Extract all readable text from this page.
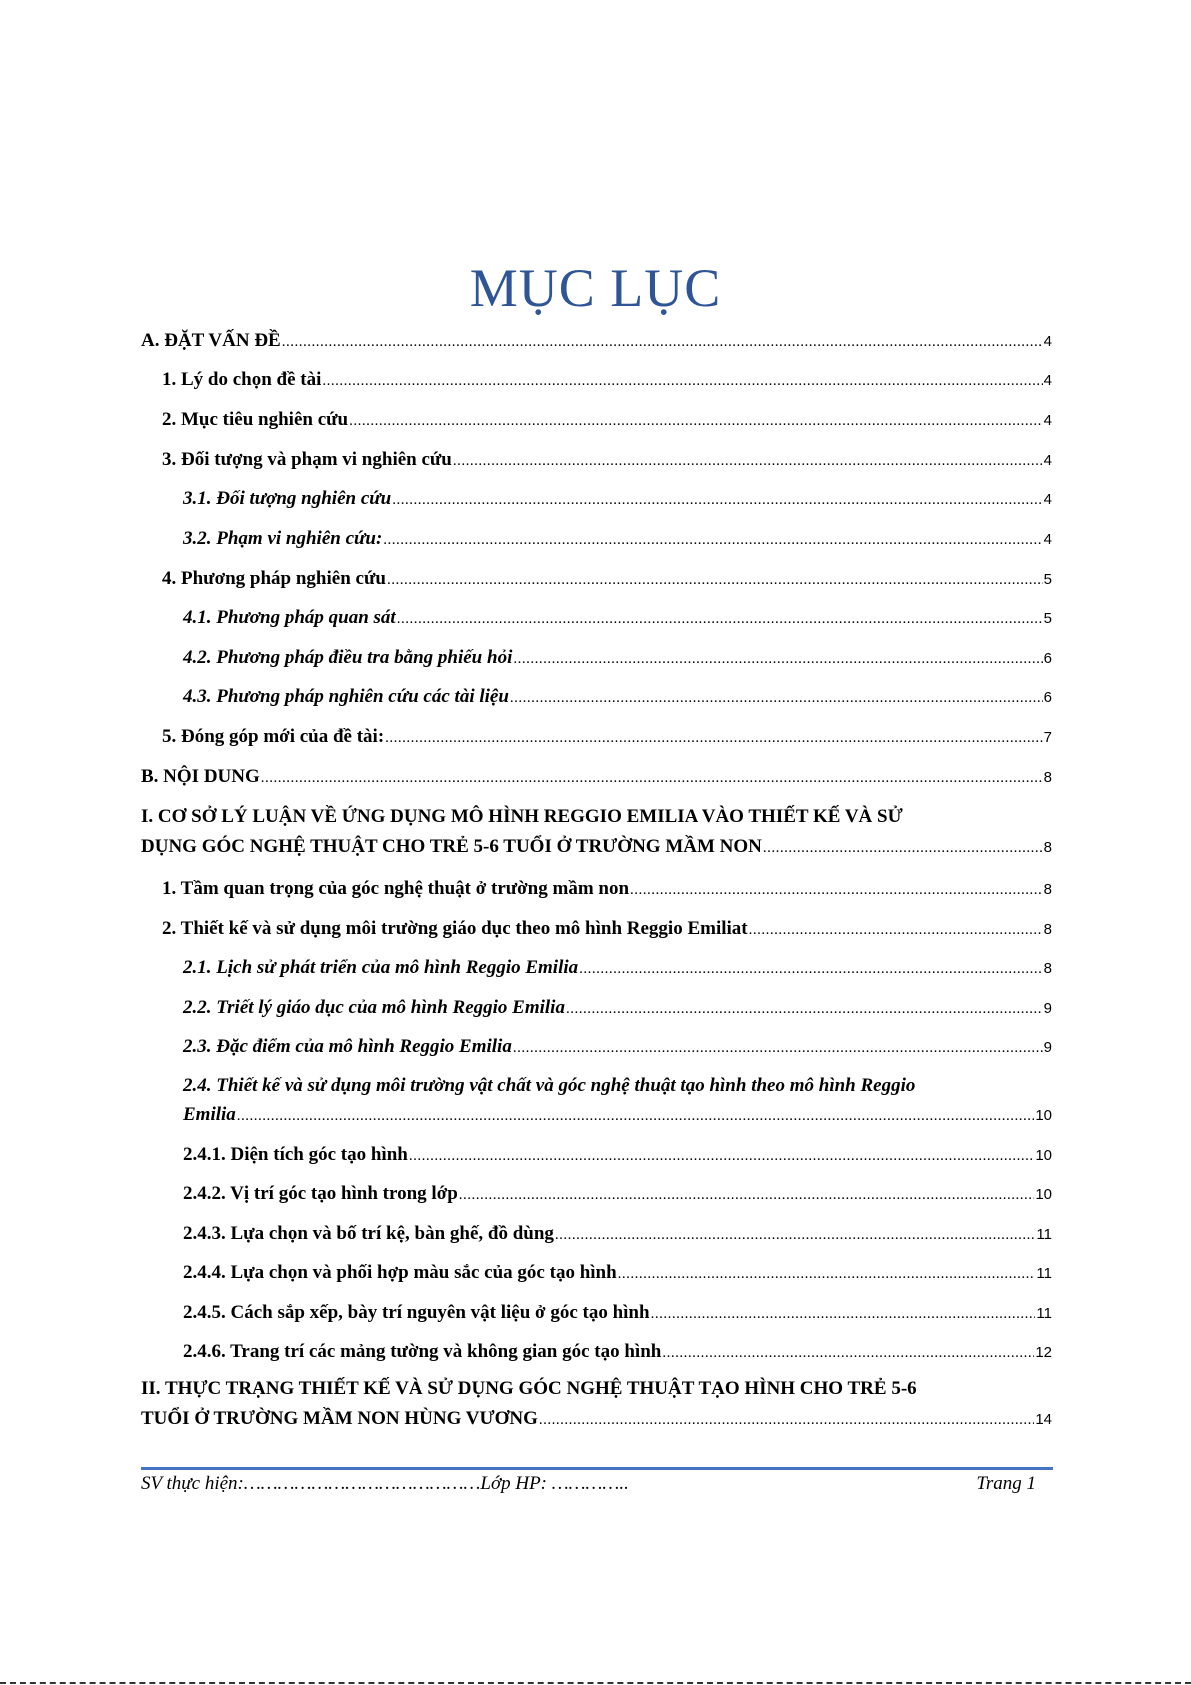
MỤC LỤC
A. ĐẶT VẤN ĐỀ .....	4
1. Lý do chọn đề tài .....	4
2. Mục tiêu nghiên cứu .....	4
3. Đối tượng và phạm vi nghiên cứu .....	4
3.1. Đối tượng nghiên cứu .....	4
3.2. Phạm vi nghiên cứu: .....	4
4. Phương pháp nghiên cứu .....	5
4.1. Phương pháp quan sát .....	5
4.2. Phương pháp điều tra bằng phiếu hỏi .....	6
4.3. Phương pháp nghiên cứu các tài liệu .....	6
5. Đóng góp mới của đề tài: .....	7
B. NỘI DUNG .....	8
I. CƠ SỞ LÝ LUẬN VỀ ỨNG DỤNG MÔ HÌNH REGGIO EMILIA VÀO THIẾT KẾ VÀ SỬ
DỤNG GÓC NGHỆ THUẬT CHO TRẺ 5-6 TUỔI Ở TRƯỜNG MẦM NON .....	8
1. Tầm quan trọng của góc nghệ thuật ở trường mầm non .....	8
2. Thiết kế và sử dụng môi trường giáo dục theo mô hình Reggio Emiliat .....	8
2.1. Lịch sử phát triển của mô hình Reggio Emilia .....	8
2.2. Triết lý giáo dục của mô hình Reggio Emilia .....	9
2.3. Đặc điểm của mô hình Reggio Emilia .....	9
2.4. Thiết kế và sử dụng môi trường vật chất và góc nghệ thuật tạo hình theo mô hình Reggio
Emilia .....	10
2.4.1. Diện tích góc tạo hình .....	10
2.4.2. Vị trí góc tạo hình trong lớp .....	10
2.4.3. Lựa chọn và bố trí kệ, bàn ghế, đồ dùng .....	11
2.4.4. Lựa chọn và phối hợp màu sắc của góc tạo hình .....	11
2.4.5. Cách sắp xếp, bày trí nguyên vật liệu ở góc tạo hình .....	11
2.4.6. Trang trí các mảng tường và không gian góc tạo hình .....	12
II. THỰC TRẠNG THIẾT KẾ VÀ SỬ DỤNG GÓC NGHỆ THUẬT TẠO HÌNH CHO TRẺ 5-6
TUỔI Ở TRƯỜNG MẦM NON HÙNG VƯƠNG .....	14
SV thực hiện:……………………………………Lớp HP: …………..	Trang 1
